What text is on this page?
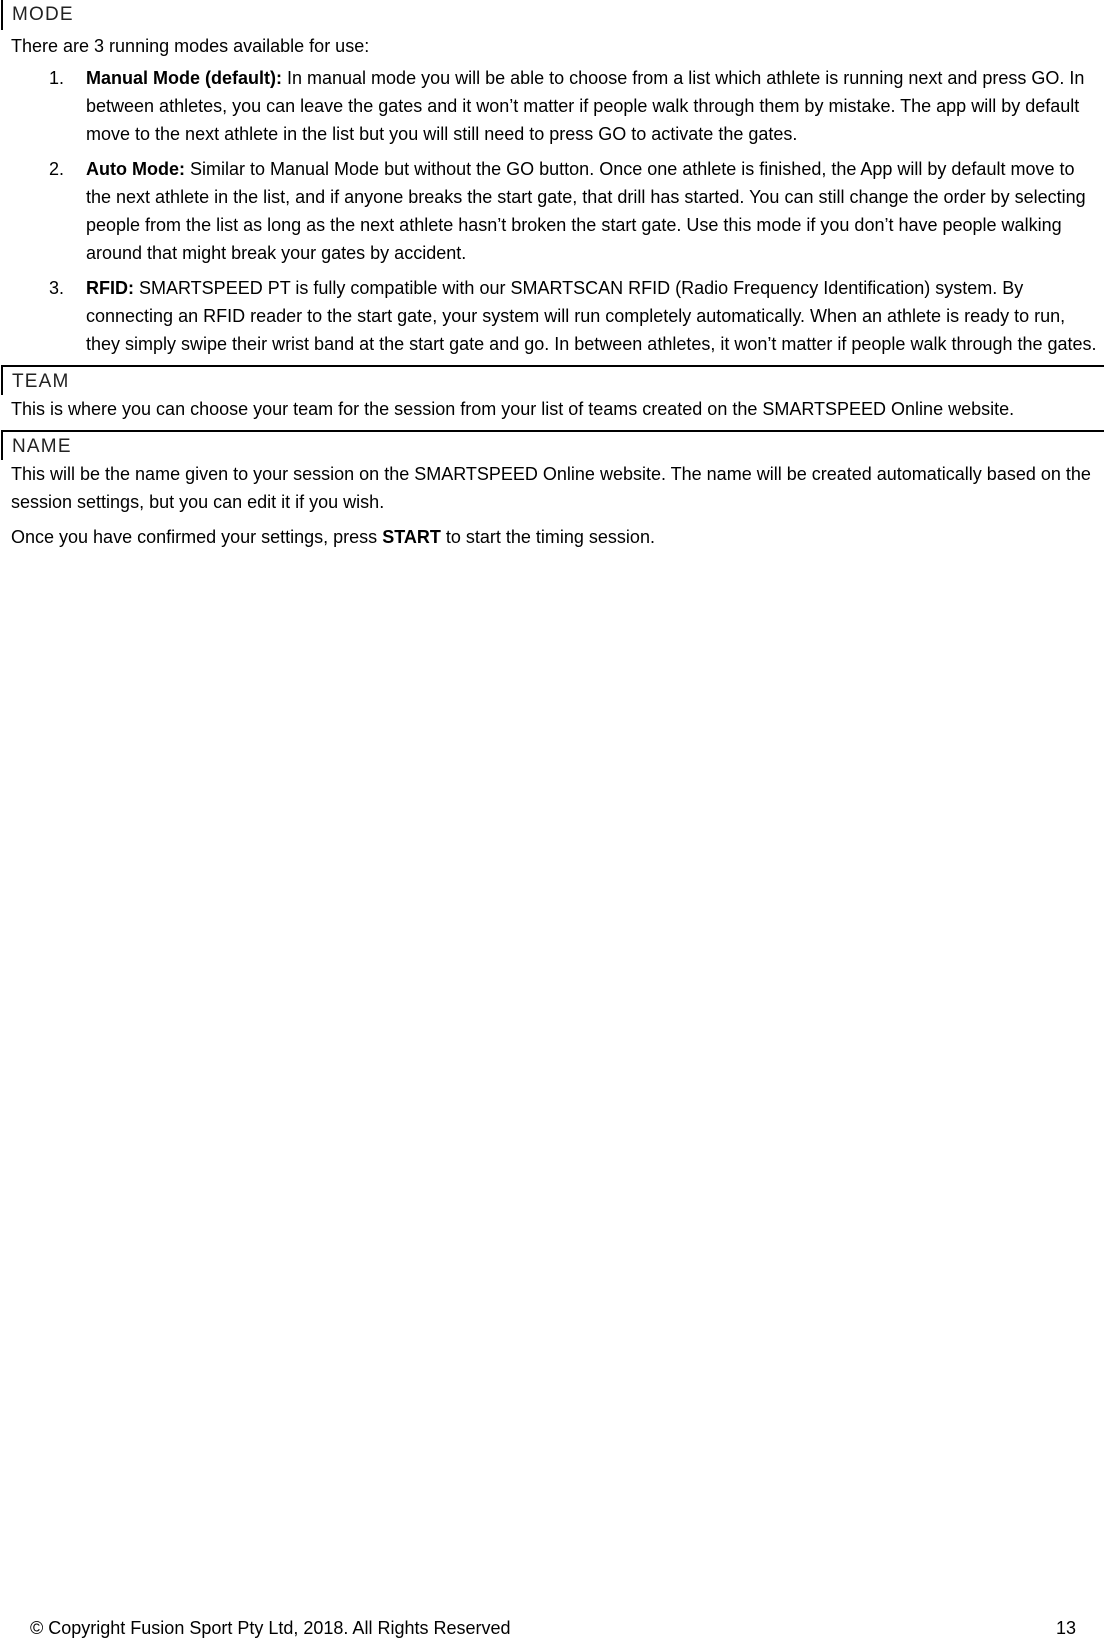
MODE

There are 3 running modes available for use:

1. Manual Mode (default): In manual mode you will be able to choose from a list which athlete is running next and press GO. In between athletes, you can leave the gates and it won’t matter if people walk through them by mistake. The app will by default move to the next athlete in the list but you will still need to press GO to activate the gates.
2. Auto Mode: Similar to Manual Mode but without the GO button. Once one athlete is finished, the App will by default move to the next athlete in the list, and if anyone breaks the start gate, that drill has started. You can still change the order by selecting people from the list as long as the next athlete hasn’t broken the start gate. Use this mode if you don’t have people walking around that might break your gates by accident.
3. RFID: SMARTSPEED PT is fully compatible with our SMARTSCAN RFID (Radio Frequency Identification) system. By connecting an RFID reader to the start gate, your system will run completely automatically. When an athlete is ready to run, they simply swipe their wrist band at the start gate and go. In between athletes, it won’t matter if people walk through the gates.
TEAM

This is where you can choose your team for the session from your list of teams created on the SMARTSPEED Online website.

NAME

This will be the name given to your session on the SMARTSPEED Online website. The name will be created automatically based on the session settings, but you can edit it if you wish.

Once you have confirmed your settings, press START to start the timing session.

© Copyright Fusion Sport Pty Ltd, 2018. All Rights Reserved	13
